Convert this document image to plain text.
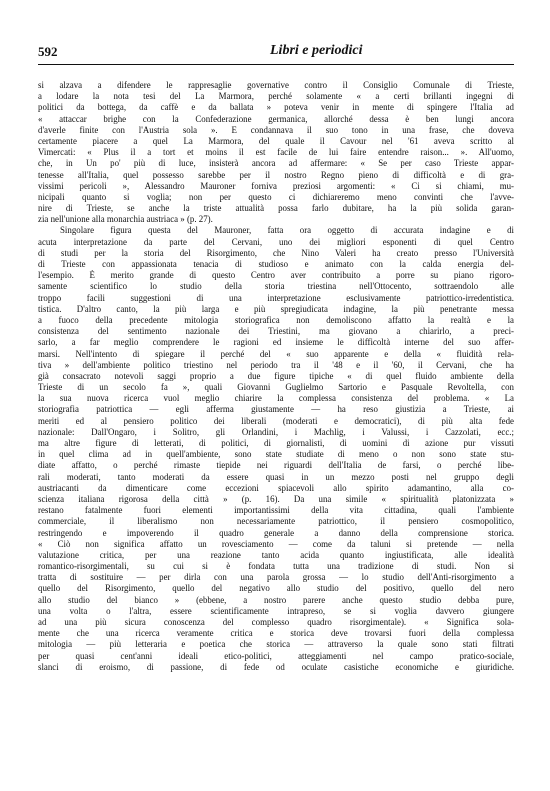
592	Libri e periodici
si alzava a difendere le rappresaglie governative contro il Consiglio Comunale di Trieste,
a lodare la nota tesi del La Marmora, perché solamente « a certi brillanti ingegni di
politici da bottega, da caffè e da ballata » poteva venir in mente di spingere l'Italia ad
« attaccar brighe con la Confederazione germanica, allorché dessa è ben lungi ancora
d'averle finite con l'Austria sola ». E condannava il suo tono in una frase, che doveva
certamente piacere a quel La Marmora, del quale il Cavour nel '61 aveva scritto al
Vimercati: « Plus il a tort et moins il est facile de lui faire entendre raison... ». All'uomo,
che, in Un po' più di luce, insisterà ancora ad affermare: « Se per caso Trieste appar-
tenesse all'Italia, quel possesso sarebbe per il nostro Regno pieno di difficoltà e di gra-
vissimi pericoli », Alessandro Mauroner forniva preziosi argomenti: « Ci si chiami, mu-
nicipali quanto si voglia; non per questo ci dichiareremo meno convinti che l'avve-
nire di Trieste, se anche la triste attualità possa farlo dubitare, ha la più solida garan-
zia nell'unione alla monarchia austriaca » (p. 27).
Singolare figura questa del Mauroner, fatta ora oggetto di accurata indagine e di
acuta interpretazione da parte del Cervani, uno dei migliori esponenti di quel Centro
di studi per la storia del Risorgimento, che Nino Valeri ha creato presso l'Università
di Trieste con appassionata tenacia di studioso e animato con la calda energia del-
l'esempio. È merito grande di questo Centro aver contribuito a porre su piano rigoro-
samente scientifico lo studio della storia triestina nell'Ottocento, sottraendolo alle
troppo facili suggestioni di una interpretazione esclusivamente patriottico-irredentistica.
tistica. D'altro canto, la più larga e più spregiudicata indagine, la più penetrante messa
a fuoco della precedente mitologia storiografica non demoliscono affatto la realtà e la
consistenza del sentimento nazionale dei Triestini, ma giovano a chiarirlo, a preci-
sarlo, a far meglio comprendere le ragioni ed insieme le difficoltà interne del suo affer-
marsi. Nell'intento di spiegare il perché del « suo apparente e della « fluidità rela-
tiva » dell'ambiente politico triestino nel periodo tra il '48 e il '60, il Cervani, che ha
già consacrato notevoli saggi proprio a due figure tipiche « di quel fluido ambiente della
Trieste di un secolo fa », quali Giovanni Guglielmo Sartorio e Pasquale Revoltella, con
la sua nuova ricerca vuol meglio chiarire la complessa consistenza del problema. « La
storiografia patriottica — egli afferma giustamente — ha reso giustizia a Trieste, ai
meriti ed al pensiero politico dei liberali (moderati e democratici), di più alta fede
nazionale: Dall'Ongaro, i Solitro, gli Orlandini, i Machlig, i Valussi, i Cazzolati, ecc.;
ma altre figure di letterati, di politici, di giornalisti, di uomini di azione pur vissuti
in quel clima ad in quell'ambiente, sono state studiate di meno o non sono state stu-
diate affatto, o perché rimaste tiepide nei riguardi dell'Italia de farsi, o perché libe-
rali moderati, tanto moderati da essere quasi in un mezzo posti nel gruppo degli
austriacanti da dimenticare come eccezioni spiacevoli allo spirito adamantino, alla co-
scienza italiana rigorosa della città » (p. 16). Da una simile « spiritualità platonizzata »
restano fatalmente fuori elementi importantissimi della vita cittadina, quali l'ambiente
commerciale, il liberalismo non necessariamente patriottico, il pensiero cosmopolitico,
restringendo e impoverendo il quadro generale a danno della comprensione storica.
« Ciò non significa affatto un rovesciamento — come da taluni si pretende — nella
valutazione critica, per una reazione tanto acida quanto ingiustificata, alle idealità
romantico-risorgimentali, su cui si è fondata tutta una tradizione di studi. Non si
tratta di sostituire — per dirla con una parola grossa — lo studio dell'Anti-risorgimento a
quello del Risorgimento, quello del negativo allo studio del positivo, quello del nero
allo studio del bianco » (ebbene, a nostro parere anche questo studio debba pure,
una volta o l'altra, essere scientificamente intrapreso, se si voglia davvero giungere
ad una più sicura conoscenza del complesso quadro risorgimentale). « Significa sola-
mente che una ricerca veramente critica e storica deve trovarsi fuori della complessa
mitologia — più letteraria e poetica che storica — attraverso la quale sono stati filtrati
per quasi cent'anni ideali etico-politici, atteggiamenti nel campo pratico-sociale,
slanci di eroismo, di passione, di fede od oculate casistiche economiche e giuridiche.
